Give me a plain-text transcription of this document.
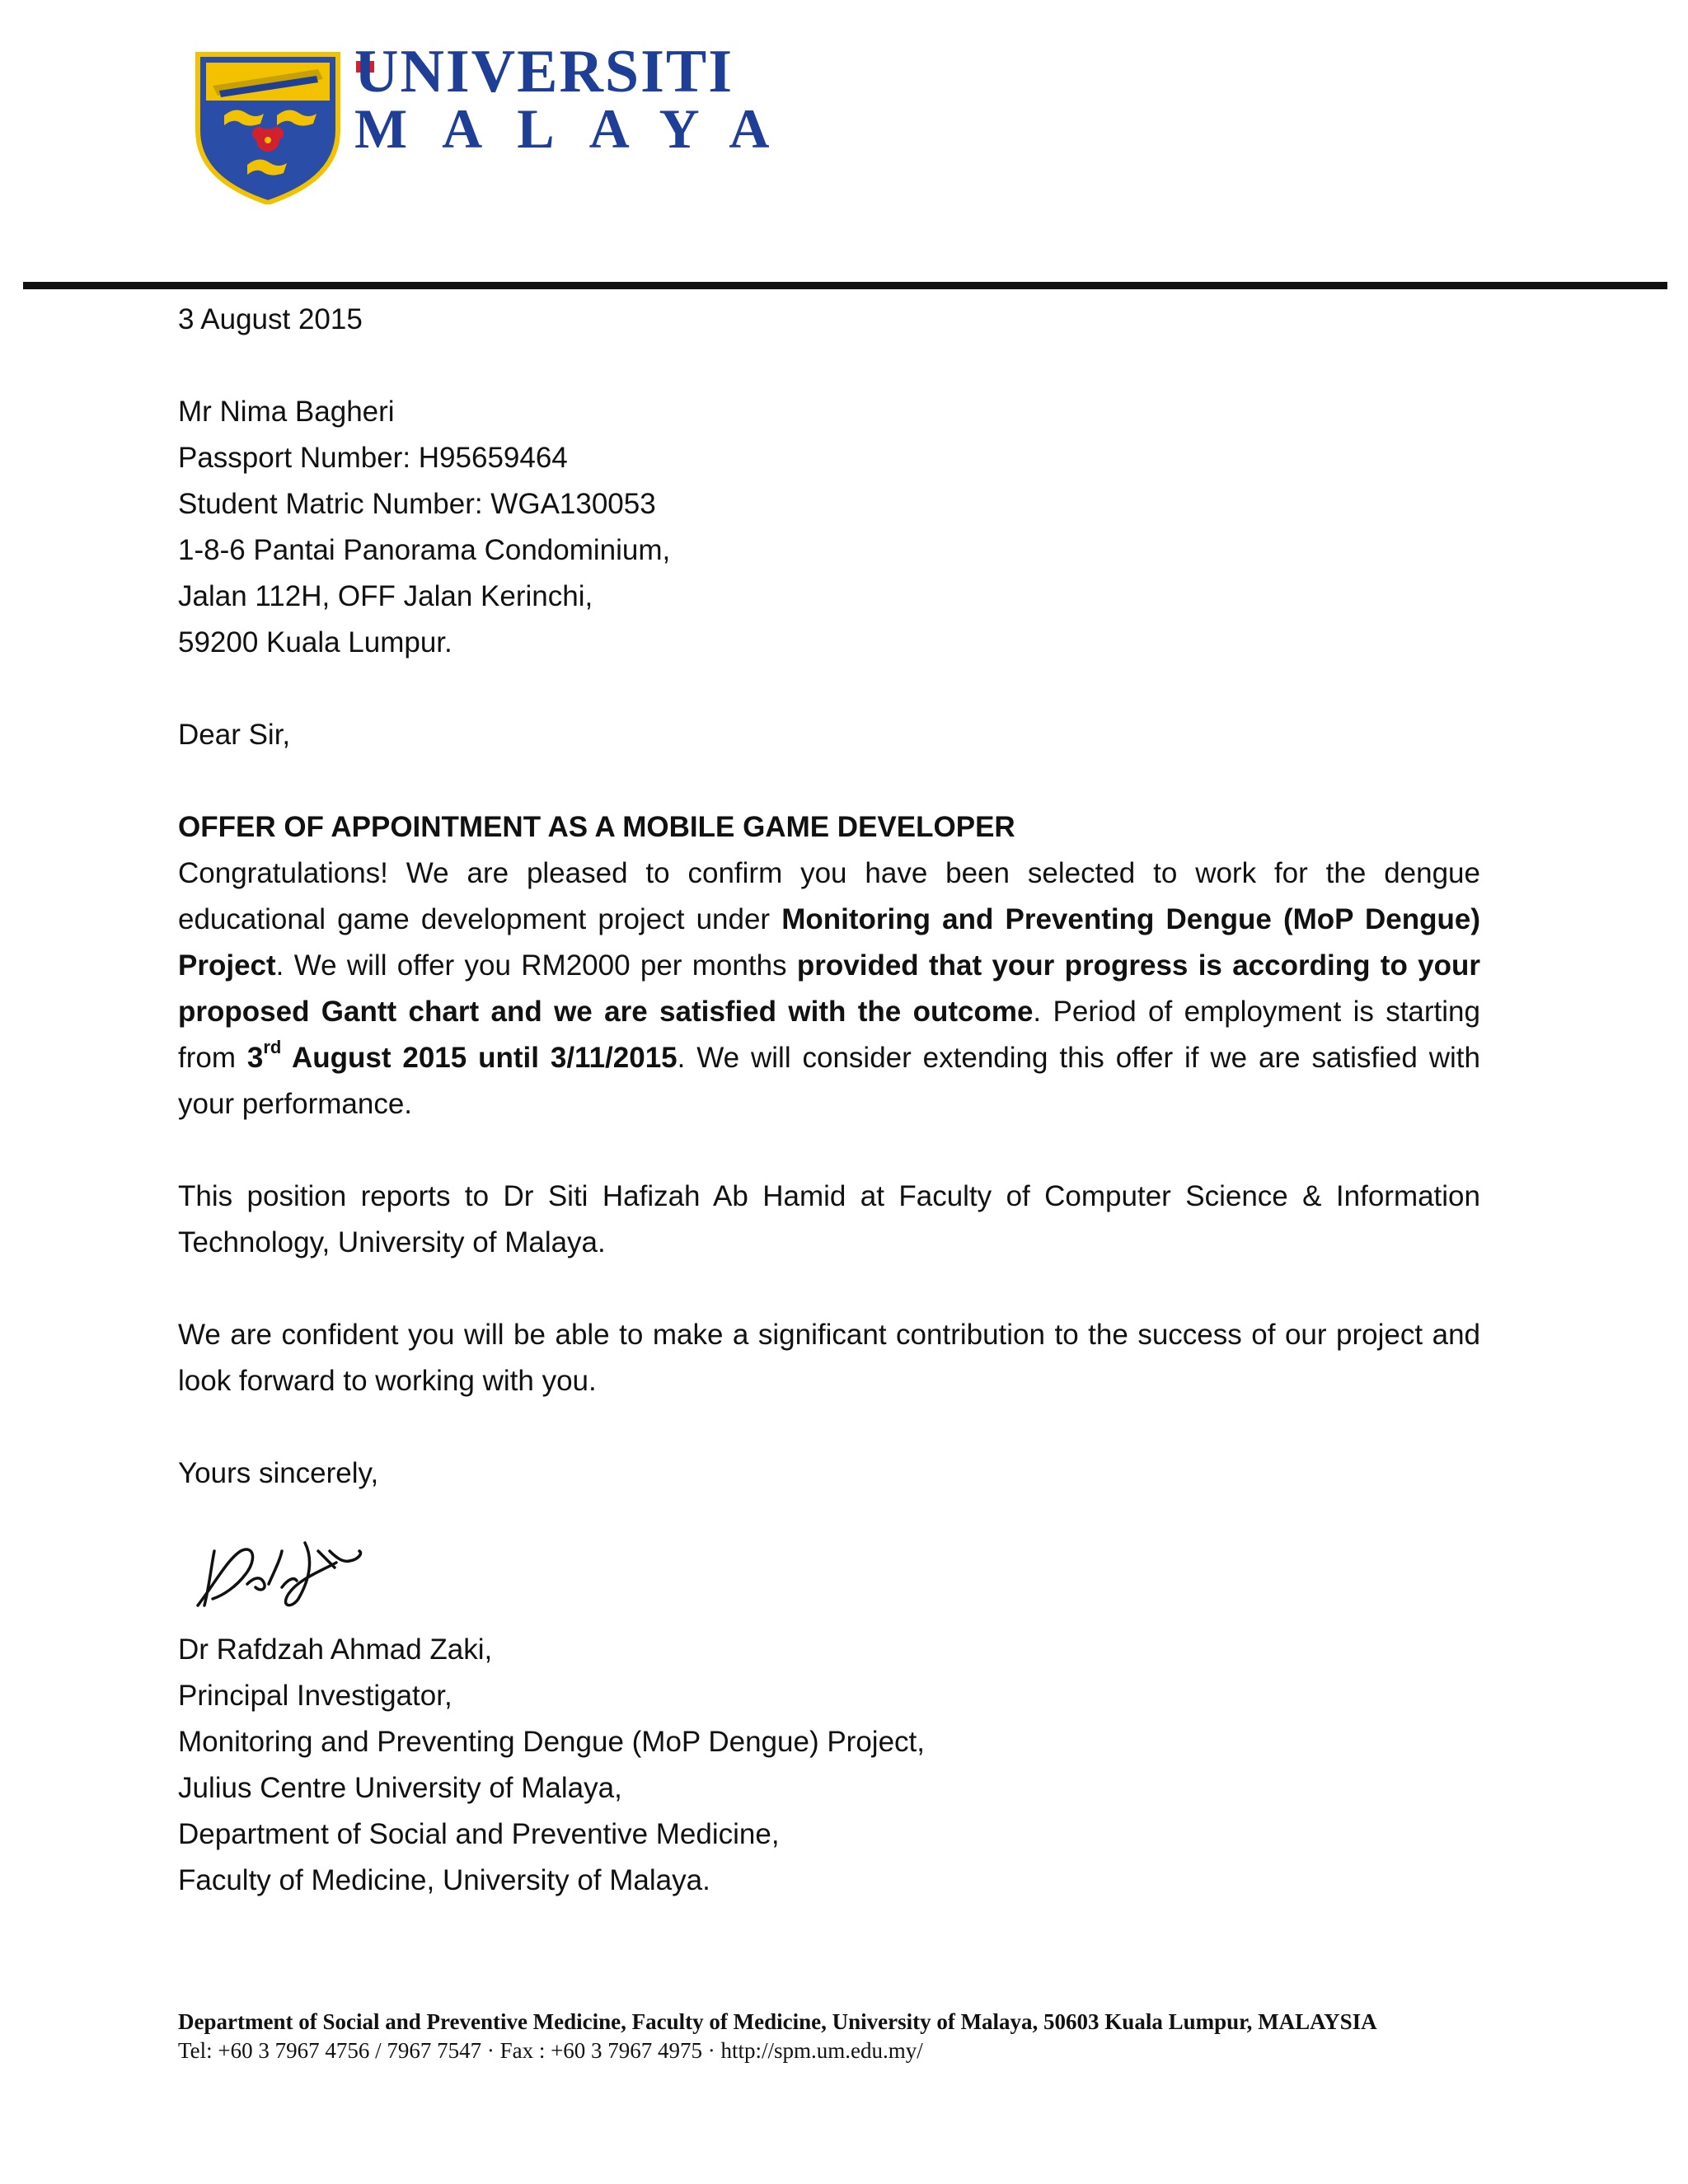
UNIVERSITI
MALAYA

3 August 2015

Mr Nima Bagheri

Passport Number: H95659464

Student Matric Number: WGA130053

1-8-6 Pantai Panorama Condominium,

Jalan 112H, OFF Jalan Kerinchi,

59200 Kuala Lumpur.

Dear Sir,

OFFER OF APPOINTMENT AS A MOBILE GAME DEVELOPER

Congratulations! We are pleased to confirm you have been selected to work for the dengue educational game development project under Monitoring and Preventing Dengue (MoP Dengue) Project. We will offer you RM2000 per months provided that your progress is according to your proposed Gantt chart and we are satisfied with the outcome. Period of employment is starting from 3rd August 2015 until 3/11/2015. We will consider extending this offer if we are satisfied with your performance.

This position reports to Dr Siti Hafizah Ab Hamid at Faculty of Computer Science & Information Technology, University of Malaya.

We are confident you will be able to make a significant contribution to the success of our project and look forward to working with you.

Yours sincerely,

Dr Rafdzah Ahmad Zaki,

Principal Investigator,

Monitoring and Preventing Dengue (MoP Dengue) Project,

Julius Centre University of Malaya,

Department of Social and Preventive Medicine,

Faculty of Medicine, University of Malaya.

Department of Social and Preventive Medicine, Faculty of Medicine, University of Malaya, 50603 Kuala Lumpur, MALAYSIA
Tel: +60 3 7967 4756 / 7967 7547 · Fax : +60 3 7967 4975 · http://spm.um.edu.my/
